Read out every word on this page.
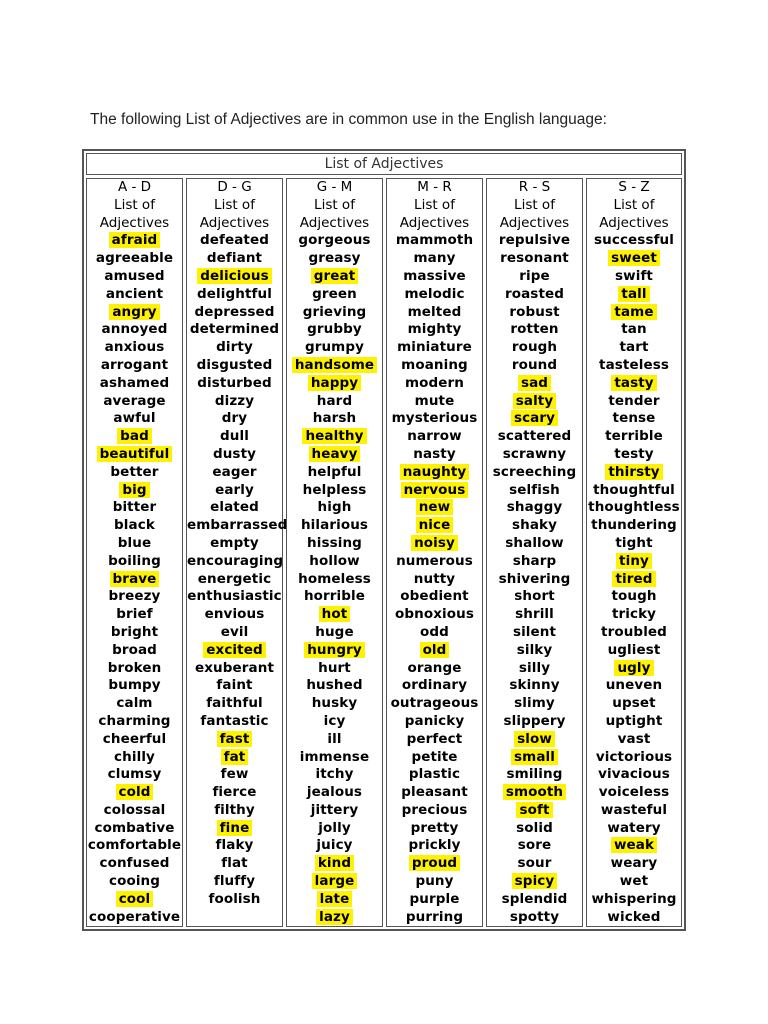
The following List of Adjectives are in common use in the English language:
List of Adjectives
A - D
List of
Adjectives
afraid
agreeable
amused
ancient
angry
annoyed
anxious
arrogant
ashamed
average
awful
bad
beautiful
better
big
bitter
black
blue
boiling
brave
breezy
brief
bright
broad
broken
bumpy
calm
charming
cheerful
chilly
clumsy
cold
colossal
combative
comfortable
confused
cooing
cool
cooperative
D - G
List of
Adjectives
defeated
defiant
delicious
delightful
depressed
determined
dirty
disgusted
disturbed
dizzy
dry
dull
dusty
eager
early
elated
embarrassed
empty
encouraging
energetic
enthusiastic
envious
evil
excited
exuberant
faint
faithful
fantastic
fast
fat
few
fierce
filthy
fine
flaky
flat
fluffy
foolish
G - M
List of
Adjectives
gorgeous
greasy
great
green
grieving
grubby
grumpy
handsome
happy
hard
harsh
healthy
heavy
helpful
helpless
high
hilarious
hissing
hollow
homeless
horrible
hot
huge
hungry
hurt
hushed
husky
icy
ill
immense
itchy
jealous
jittery
jolly
juicy
kind
large
late
lazy
M - R
List of
Adjectives
mammoth
many
massive
melodic
melted
mighty
miniature
moaning
modern
mute
mysterious
narrow
nasty
naughty
nervous
new
nice
noisy
numerous
nutty
obedient
obnoxious
odd
old
orange
ordinary
outrageous
panicky
perfect
petite
plastic
pleasant
precious
pretty
prickly
proud
puny
purple
purring
R - S
List of
Adjectives
repulsive
resonant
ripe
roasted
robust
rotten
rough
round
sad
salty
scary
scattered
scrawny
screeching
selfish
shaggy
shaky
shallow
sharp
shivering
short
shrill
silent
silky
silly
skinny
slimy
slippery
slow
small
smiling
smooth
soft
solid
sore
sour
spicy
splendid
spotty
S - Z
List of
Adjectives
successful
sweet
swift
tall
tame
tan
tart
tasteless
tasty
tender
tense
terrible
testy
thirsty
thoughtful
thoughtless
thundering
tight
tiny
tired
tough
tricky
troubled
ugliest
ugly
uneven
upset
uptight
vast
victorious
vivacious
voiceless
wasteful
watery
weak
weary
wet
whispering
wicked
